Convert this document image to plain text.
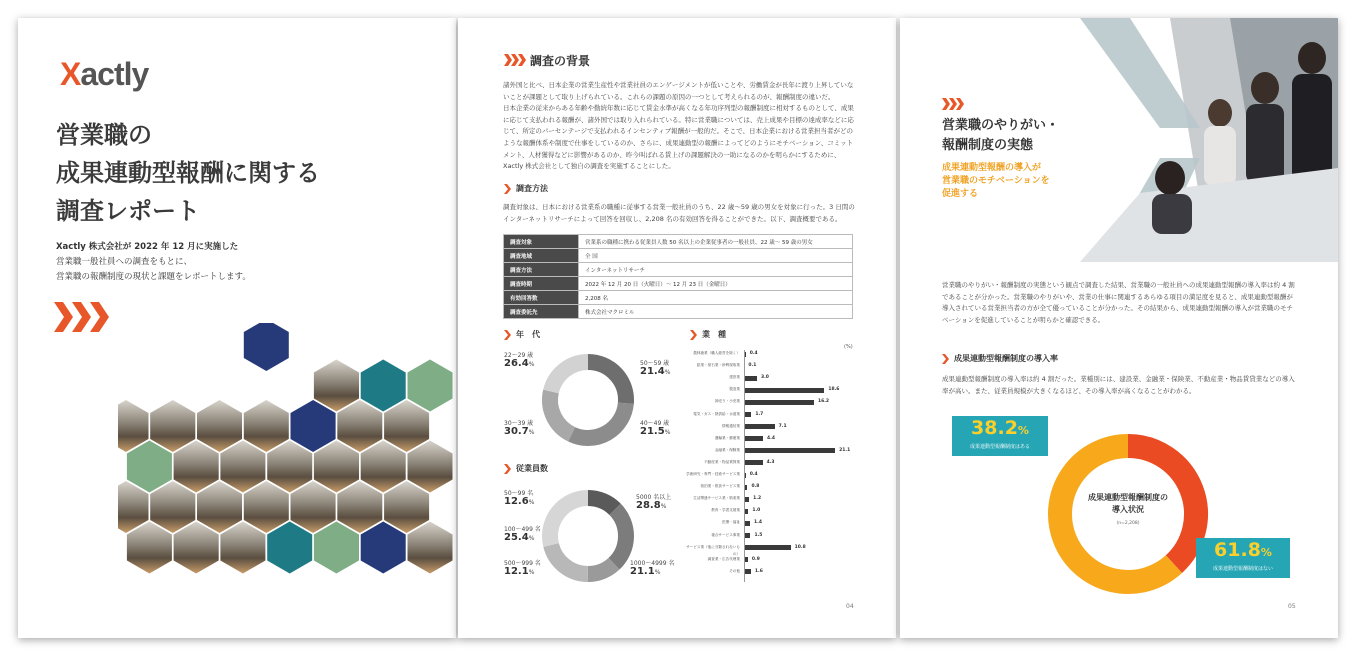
Xactly
営業職の
成果連動型報酬に関する
調査レポート
Xactly 株式会社が 2022 年 12 月に実施した
営業職一般社員への調査をもとに、
営業職の報酬制度の現状と課題をレポートします。
調査の背景
諸外国と比べ、日本企業の営業生産性や営業社員のエンゲージメントが低いことや、労働賃金が長年に渡り上昇していな
いことが課題として取り上げられている。これらの課題の原因の一つとして考えられるのが、報酬制度の違いだ。
日本企業の従来からある年齢や勤続年数に応じて賃金水準が高くなる年功序列型の報酬制度に相対するものとして、成果
に応じて支払われる報酬が、諸外国では取り入れられている。特に営業職については、売上成果や目標の達成率などに応
じて、所定のパーセンテージで支払われるインセンティブ報酬が一般的だ。そこで、日本企業における営業担当者がどの
ような報酬体系や制度で仕事をしているのか、さらに、成果連動型の報酬によってどのようにモチベーション、コミット
メント、人材獲得などに影響があるのか、昨今叫ばれる賃上げの課題解決の一助になるのかを明らかにするために、
Xactly 株式会社として独自の調査を実施することにした。
調査方法
調査対象は、日本における営業系の職種に従事する営業一般社員のうち、22 歳～59 歳の男女を対象に行った。3 日間の
インターネットリサーチによって回答を回収し、2,208 名の有効回答を得ることができた。以下、調査概要である。
調査対象	営業系の職種に携わる従業員人数 50 名以上の企業従事者の一般社員、22 歳～ 59 歳の男女
調査地域	全 国
調査方法	インターネットリサーチ
調査時期	2022 年 12 月 20 日（火曜日）～ 12 月 23 日（金曜日）
有効回答数	2,208 名
調査委託先	株式会社マクロミル
年　代
22～29 歳
26.4%
30～39 歳
30.7%
40～49 歳
21.5%
50～59 歳
21.4%
従業員数
50～99 名
12.6%
100～499 名
25.4%
500～999 名
12.1%
1000～4999 名
21.1%
5000 名以上
28.8%
業　種
(%)
農林漁業（職人経営を除く） 0.4
鉱業・採石業・砂利採取業 0.1
建設業	3.0
製造業	18.6
卸売り・小売業	16.2
電気・ガス・熱供給・水道業	1.7
情報通信業	7.1
運輸業・郵便業	4.4
金融業・保険業	21.1
不動産業・物品賃貸業	4.3
学術研究・専門・技術サービス業 0.4
宿泊業・飲食サービス業	0.8
生活関連サービス業・娯楽業	1.2
教育・学習支援業	1.0
医療・福祉	1.4
複合サービス事業	1.5
サービス業（他に分類されないもの）
10.8
調査業・広告代理業	0.9
その他	1.6
04
営業職のやりがい・
報酬制度の実態
成果連動型報酬の導入が
営業職のモチベーションを
促進する
営業職のやりがい・報酬制度の実態という観点で調査した結果、営業職の一般社員への成果連動型報酬の導入率は約 4 割
であることが分かった。営業職のやりがいや、営業の仕事に関連するあらゆる項目の満足度を見ると、成果連動型報酬が
導入されている営業担当者の方が全て優っていることが分かった。その結果から、成果連動型報酬の導入が営業職のモチ
ベーションを促進していることが明らかと確認できる。
成果連動型報酬制度の導入率
成果連動型報酬制度の導入率は約 4 割だった。業種別には、建設業、金融業・保険業、不動産業・物品賃貸業などの導入
率が高い。また、従業員規模が大きくなるほど、その導入率が高くなることがわかる。
成果連動型報酬制度の
導入状況
(n=2,208)
38.2%
成果連動型報酬制度はある
61.8%
成果連動型報酬制度はない
05
